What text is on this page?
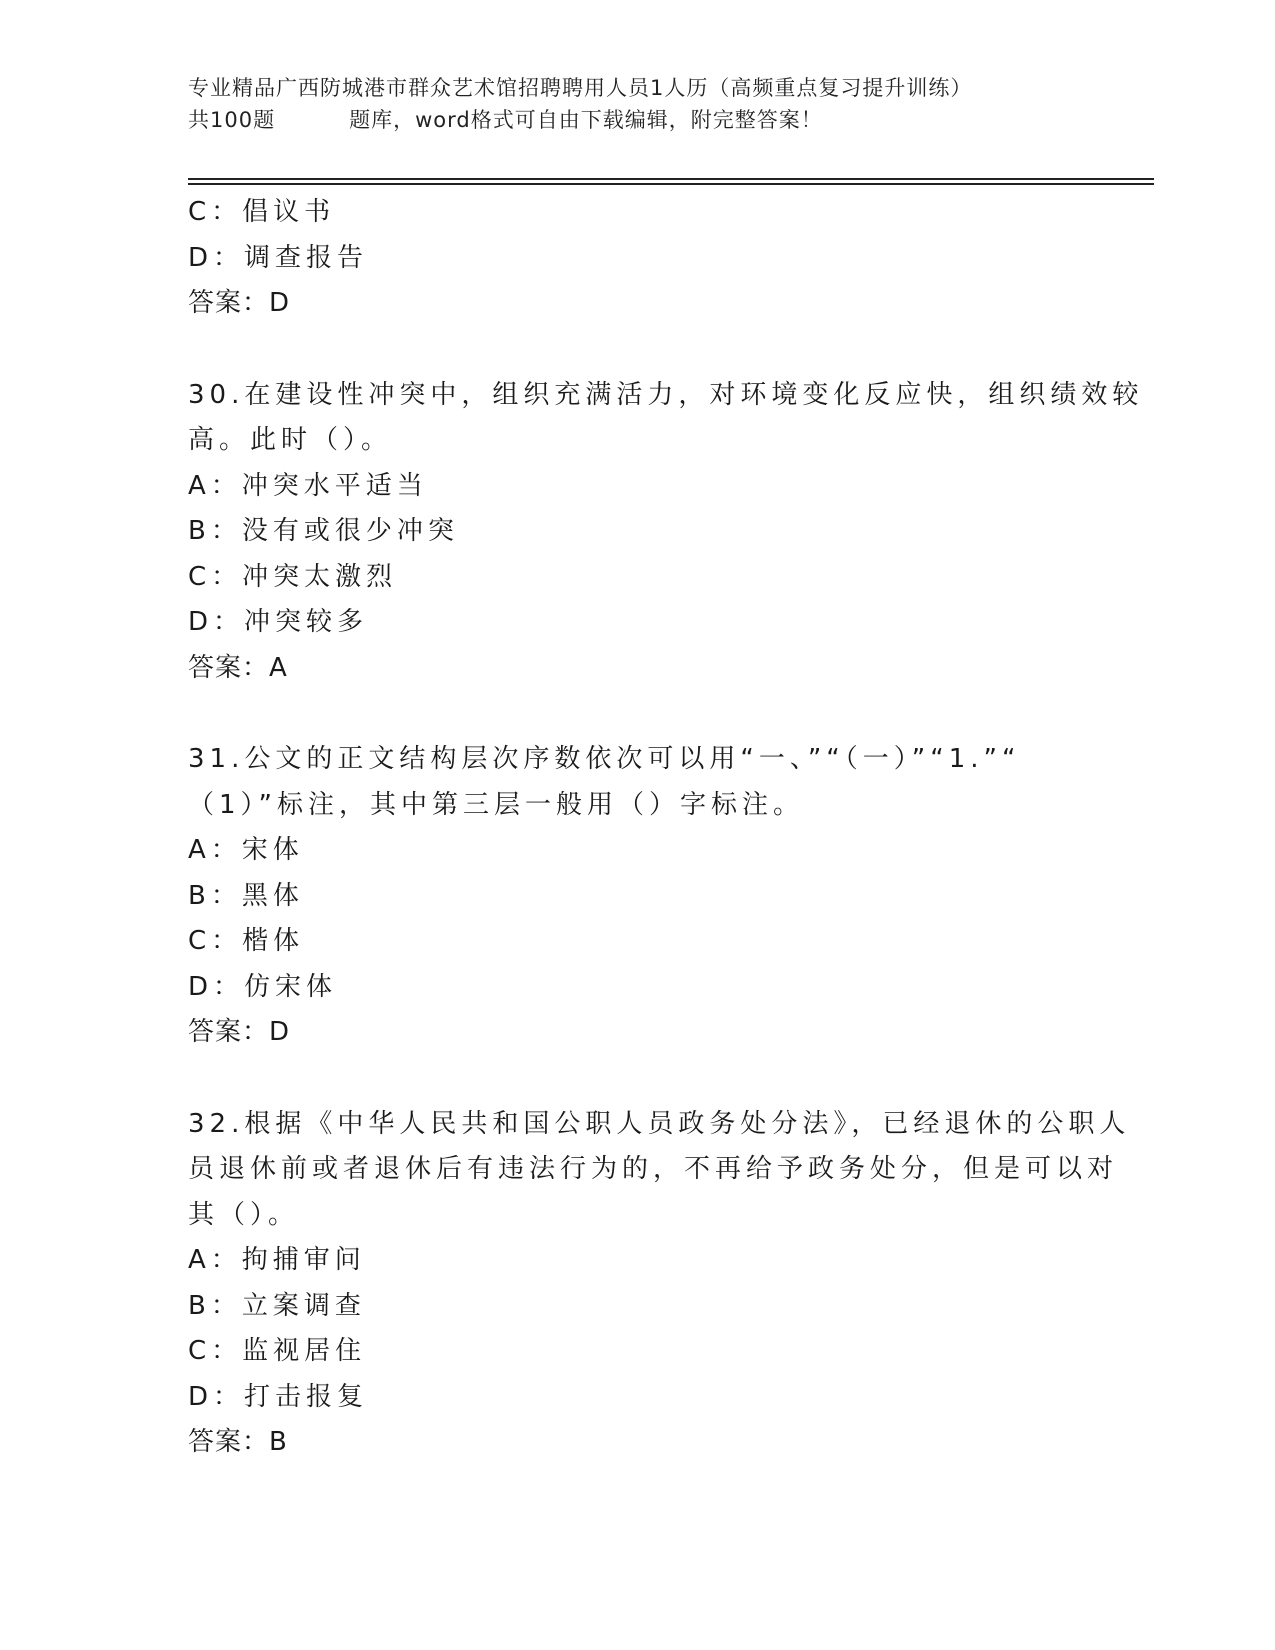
专业精品广西防城港市群众艺术馆招聘聘用人员1人历（高频重点复习提升训练）
共100题	题库，word格式可自由下载编辑，附完整答案！
C：倡议书
D：调查报告
答案：D
30.在建设性冲突中，组织充满活力，对环境变化反应快，组织绩效较
高。此时（）。
A：冲突水平适当
B：没有或很少冲突
C：冲突太激烈
D：冲突较多
答案：A
31.公文的正文结构层次序数依次可以用“一、”“（一）”“1.”“
（1）”标注，其中第三层一般用（）字标注。
A：宋体
B：黑体
C：楷体
D：仿宋体
答案：D
32.根据《中华人民共和国公职人员政务处分法》，已经退休的公职人
员退休前或者退休后有违法行为的，不再给予政务处分，但是可以对
其（）。
A：拘捕审问
B：立案调查
C：监视居住
D：打击报复
答案：B
